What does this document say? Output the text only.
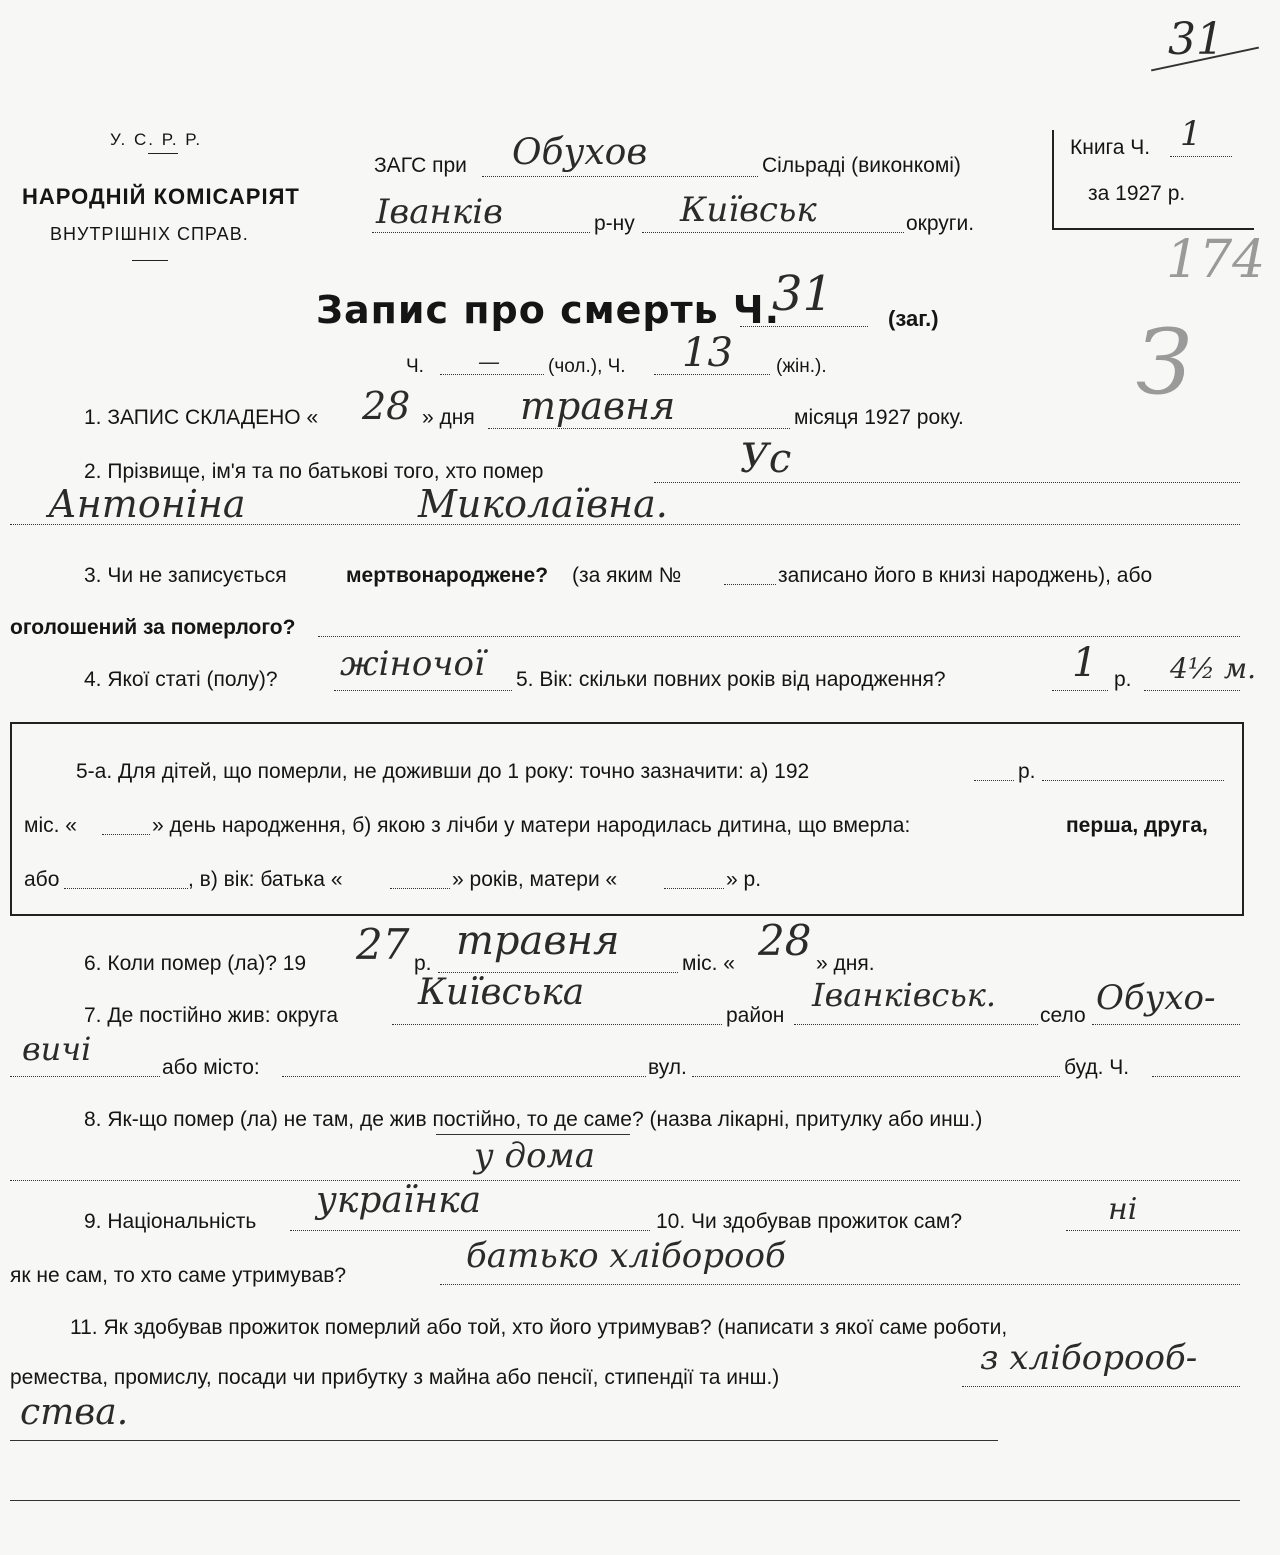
31
У. С. Р. Р.
НАРОДНІЙ КОМІСАРІЯТ
ВНУТРІШНІХ СПРАВ.
ЗАГС при Обухов	Сільраді (виконкомі)
Іванків	р-ну Київськ	округи.
Книга Ч. 1
за 1927 р.
174
З
Запис про смерть Ч.
31 (заг.)
Ч. —	(чол.), Ч. 13 (жін.).
1. ЗАПИС СКЛАДЕНО « 28 » дня травня	місяця 1927 року.
2. Прізвище, ім'я та по батькові того, хто помер	Ус
Антоніна	Миколаївна.
3. Чи не записується	мертвонароджене? (за яким №	записано його в книзі народжень), або
оголошений за померлого?
4. Якої статі (полу)? жіночої 5. Вік: скільки повних років від народження?	1 р. 4½ м.
5-а. Для дітей, що померли, не доживши до 1 року: точно зазначити: а) 192	р.
міс. «	» день народження, б) якою з лічби у матери народилась дитина, що вмерла:	перша, друга,
або	, в) вік: батька «	» років, матери «	» р.
6. Коли помер (ла)? 19 27 р. травня	міс. « 28 » дня.
7. Де постійно жив: округа
Київська
район
Іванківськ.
село Обухо-
вичі	або місто:	вул.	буд. Ч.
8. Як-що помер (ла) не там, де жив постійно, то де саме? (назва лікарні, притулку або инш.)
у дома
9. Національність
українка
10. Чи здобував прожиток сам?	ні
як не сам, то хто саме утримував?	батько хліборооб
11. Як здобував прожиток померлий або той, хто його утримував? (написати з якої саме роботи,
ремества, промислу, посади чи прибутку з майна або пенсії, стипендії та инш.)	з хліборооб-
ства.
